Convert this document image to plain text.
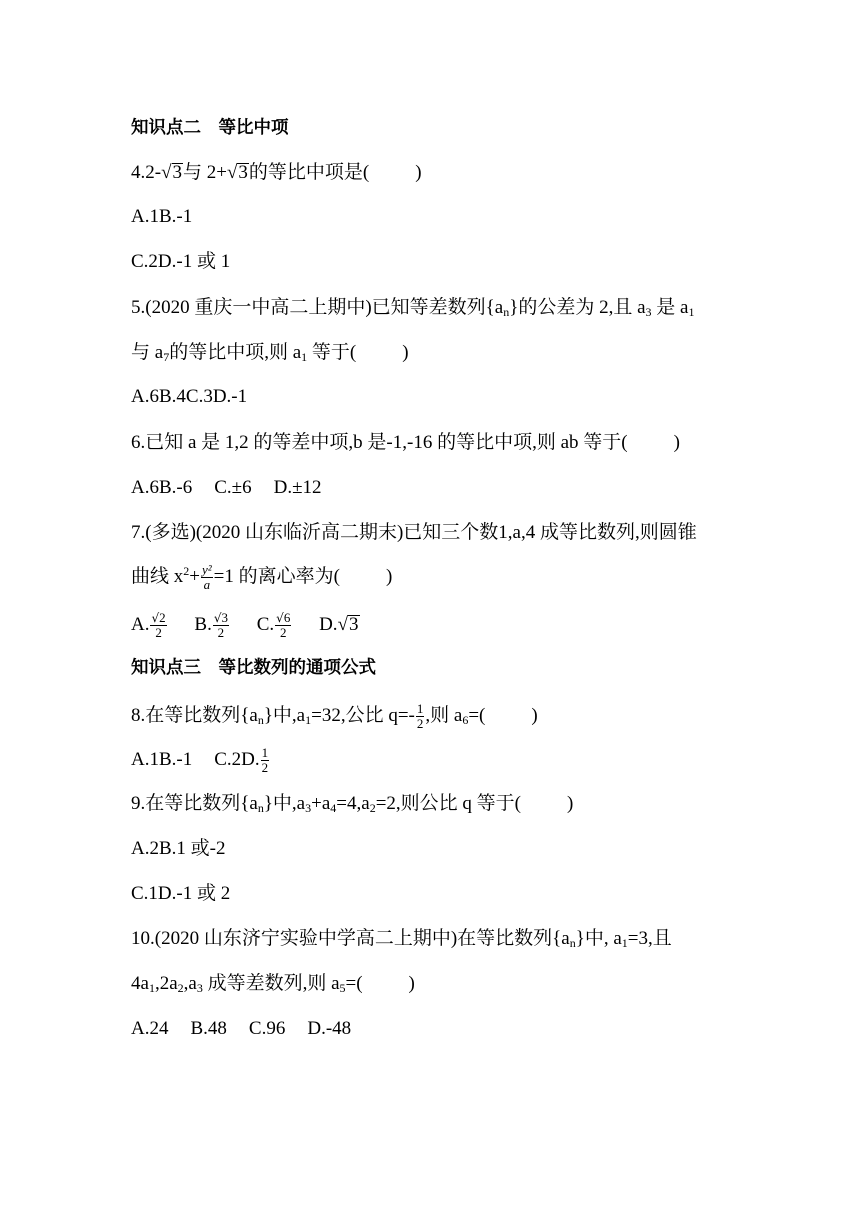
知识点二　等比中项
4.2-√3与 2+√3的等比中项是( )
A.1B.-1
C.2D.-1 或 1
5.(2020 重庆一中高二上期中)已知等差数列$\{a_n\}$的公差为 2,且 $a_3$ 是 $a_1$
与 $a_7$的等比中项,则 $a_1$ 等于( )
A.6B.4C.3D.-1
6.已知 a 是 1,2 的等差中项,b 是-1,-16 的等比中项,则 ab 等于( )
A.6B.-6 C.±6 D.±12
7.(多选)(2020 山东临沂高二期末)已知三个数1,a,4 成等比数列,则圆锥
曲线 $x^2+ \frac{\text{y²}}{a} =1$ 的离心率为( )
A. $\frac{√2}{2} B$. $\frac{√3}{2} C$. $\frac{√6}{2} D.√3$
知识点三　等比数列的通项公式
8.在等比数列$\{a_n\}$中$,a_1=32$,公比 $q=- \frac{1}{2}$ ,则 $a_6=$( )
A.1B.-1 C.2D. $\frac{1}{2}$
9.在等比数列$\{a_n\}$中$,a_3+a_4=4,a_2=2$,则公比 q 等于( )
A.2B.1 或-2
C.1D.-1 或 2
10.(2020 山东济宁实验中学高二上期中)在等比数列$\{a_n\}$中, $a_1=3$,且
$4a_1,2a_2,a_3$ 成等差数列,则 $a_5=$( )
A.24 B.48 C.96 D.-48
